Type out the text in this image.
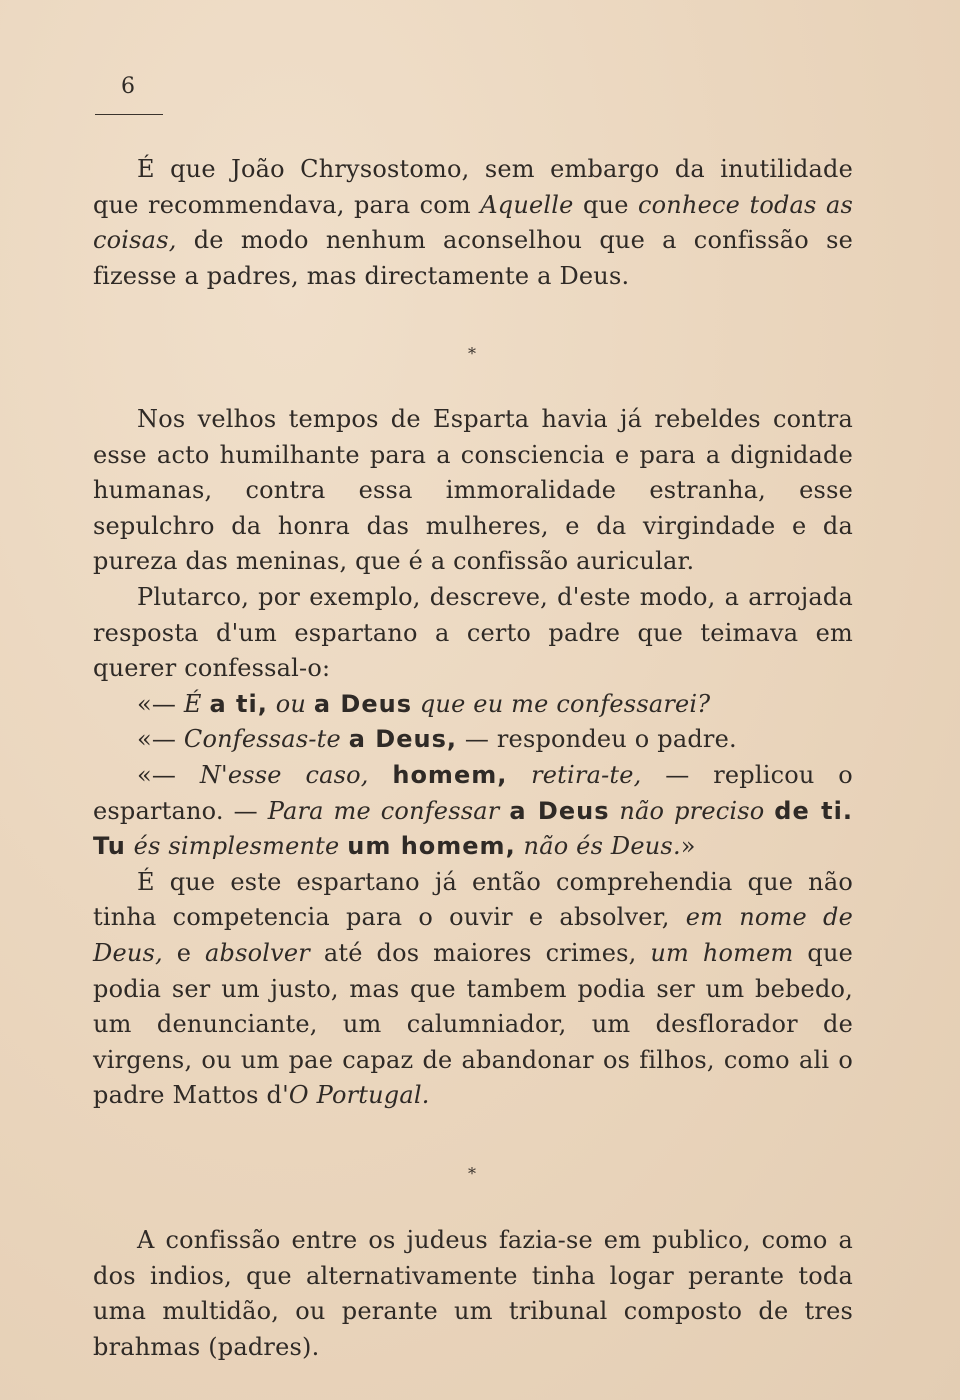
6

É que João Chrysostomo, sem embargo da inutilidade que recommendava, para com Aquelle que conhece todas as coisas, de modo nenhum aconselhou que a confissão se fizesse a padres, mas directamente a Deus.

*

Nos velhos tempos de Esparta havia já rebeldes contra esse acto humilhante para a consciencia e para a dignidade humanas, contra essa immoralidade estranha, esse sepulchro da honra das mulheres, e da virgindade e da pureza das meninas, que é a confissão auricular.

Plutarco, por exemplo, descreve, d'este modo, a arrojada resposta d'um espartano a certo padre que teimava em querer confessal-o:

«— É a ti, ou a Deus que eu me confessarei?

«— Confessas-te a Deus, — respondeu o padre.

«— N'esse caso, homem, retira-te, — replicou o espartano. — Para me confessar a Deus não preciso de ti. Tu és simplesmente um homem, não és Deus.»

É que este espartano já então comprehendia que não tinha competencia para o ouvir e absolver, em nome de Deus, e absolver até dos maiores crimes, um homem que podia ser um justo, mas que tambem podia ser um bebedo, um denunciante, um calumniador, um desflorador de virgens, ou um pae capaz de abandonar os filhos, como ali o padre Mattos d'O Portugal.

*

A confissão entre os judeus fazia-se em publico, como a dos indios, que alternativamente tinha logar perante toda uma multidão, ou perante um tribunal composto de tres brahmas (padres).
